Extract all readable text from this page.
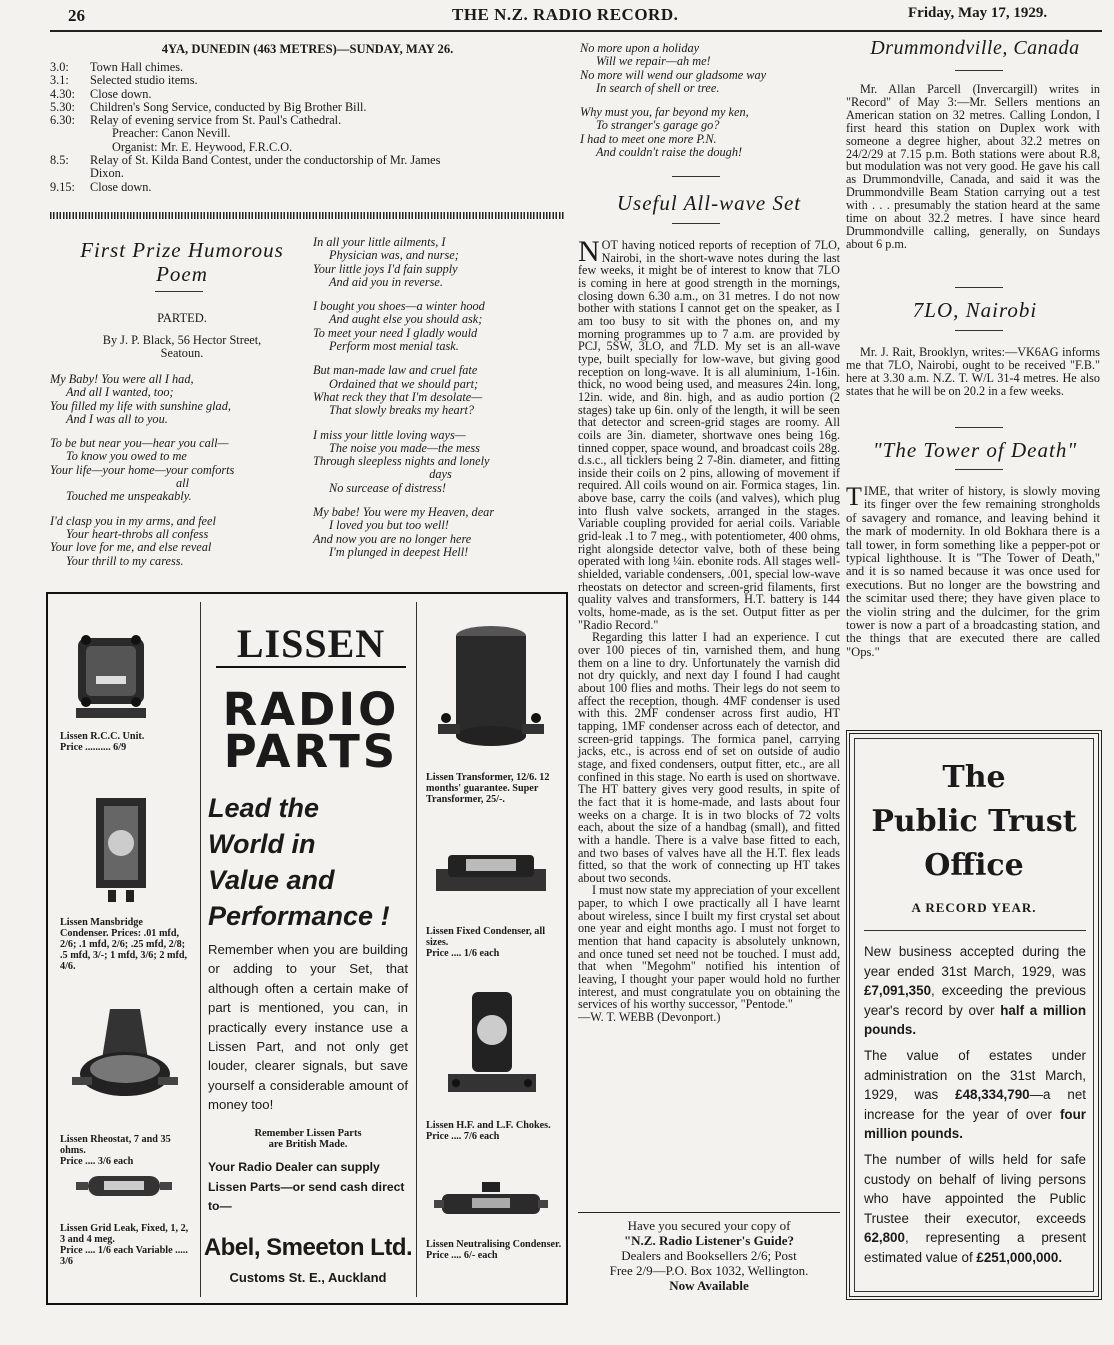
26	THE N.Z. RADIO RECORD.	Friday, May 17, 1929.
4YA, DUNEDIN (463 METRES)—SUNDAY, MAY 26.
3.0:	Town Hall chimes.
3.1:	Selected studio items.
4.30:	Close down.
5.30:	Children's Song Service, conducted by Big Brother Bill.
6.30:	Relay of evening service from St. Paul's Cathedral.
Preacher: Canon Nevill.
Organist: Mr. E. Heywood, F.R.C.O.
8.5:	Relay of St. Kilda Band Contest, under the conductorship of Mr. James
Dixon.
9.15:	Close down.
First Prize Humorous
Poem
PARTED.
By J. P. Black, 56 Hector Street,
Seatoun.

My Baby! You were all I had,
And all I wanted, too;
You filled my life with sunshine glad,
And I was all to you.

To be but near you—hear you call—
To know you owed to me
Your life—your home—your comforts
all
Touched me unspeakably.

I'd clasp you in my arms, and feel
Your heart-throbs all confess
Your love for me, and else reveal
Your thrill to my caress.

In all your little ailments, I
Physician was, and nurse;
Your little joys I'd fain supply
And aid you in reverse.

I bought you shoes—a winter hood
And aught else you should ask;
To meet your need I gladly would
Perform most menial task.

But man-made law and cruel fate
Ordained that we should part;
What reck they that I'm desolate—
That slowly breaks my heart?

I miss your little loving ways—
The noise you made—the mess
Through sleepless nights and lonely
days
No surcease of distress!

My babe! You were my Heaven, dear
I loved you but too well!
And now you are no longer here
I'm plunged in deepest Hell!

Lissen R.C.C. Unit.
Price .......... 6/9
Lissen Mansbridge Condenser. Prices: .01 mfd, 2/6; .1 mfd, 2/6; .25 mfd, 2/8; .5 mfd, 3/-; 1 mfd, 3/6; 2 mfd, 4/6.
Lissen Rheostat, 7 and 35 ohms.
Price .... 3/6 each
Lissen Grid Leak, Fixed, 1, 2, 3 and 4 meg.
Price .... 1/6 each Variable ..... 3/6
LISSEN
RADIO
PARTS
Lead the
World in
Value and
Performance !
Remember when you are building or adding to your Set, that although often a certain make of part is mentioned, you can, in practically every instance use a Lissen Part, and not only get louder, clearer signals, but save yourself a considerable amount of money too!
Remember Lissen Parts
are British Made.
Your Radio Dealer can supply Lissen Parts—or send cash direct to—
Abel, Smeeton Ltd.
Customs St. E., Auckland
Lissen Transformer, 12/6. 12 months' guarantee. Super Transformer, 25/-.
Lissen Fixed Condenser, all sizes.
Price .... 1/6 each
Lissen H.F. and L.F. Chokes.
Price .... 7/6 each
Lissen Neutralising Condenser.
Price .... 6/- each

No more upon a holiday
Will we repair—ah me!
No more will wend our gladsome way
In search of shell or tree.

Why must you, far beyond my ken,
To stranger's garage go?
I had to meet one more P.N.
And couldn't raise the dough!

Useful All-wave Set
NOT having noticed reports of reception of 7LO, Nairobi, in the short-wave notes during the last few weeks, it might be of interest to know that 7LO is coming in here at good strength in the mornings, closing down 6.30 a.m., on 31 metres. I do not now bother with stations I cannot get on the speaker, as I am too busy to sit with the phones on, and my morning programmes up to 7 a.m. are provided by PCJ, 5SW, 3LO, and 7LD. My set is an all-wave type, built specially for low-wave, but giving good reception on long-wave. It is all aluminium, 1-16in. thick, no wood being used, and measures 24in. long, 12in. wide, and 8in. high, and as audio portion (2 stages) take up 6in. only of the length, it will be seen that detector and screen-grid stages are roomy. All coils are 3in. diameter, shortwave ones being 16g. tinned copper, space wound, and broadcast coils 28g. d.s.c., all ticklers being 2 7-8in. diameter, and fitting inside their coils on 2 pins, allowing of movement if required. All coils wound on air. Formica stages, 1in. above base, carry the coils (and valves), which plug into flush valve sockets, arranged in the stages. Variable coupling provided for aerial coils. Variable grid-leak .1 to 7 meg., with potentiometer, 400 ohms, right alongside detector valve, both of these being operated with long ¼in. ebonite rods. All stages well-shielded, variable condensers, .001, special low-wave rheostats on detector and screen-grid filaments, first quality valves and transformers, H.T. battery is 144 volts, home-made, as is the set. Output fitter as per "Radio Record."
Regarding this latter I had an experience. I cut over 100 pieces of tin, varnished them, and hung them on a line to dry. Unfortunately the varnish did not dry quickly, and next day I found I had caught about 100 flies and moths. Their legs do not seem to affect the reception, though. 4MF condenser is used with this. 2MF condenser across first audio, HT tapping, 1MF condenser across each of detector, and screen-grid tappings. The formica panel, carrying jacks, etc., is across end of set on outside of audio stage, and fixed condensers, output fitter, etc., are all confined in this stage. No earth is used on shortwave. The HT battery gives very good results, in spite of the fact that it is home-made, and lasts about four weeks on a charge. It is in two blocks of 72 volts each, about the size of a handbag (small), and fitted with a handle. There is a valve base fitted to each, and two bases of valves have all the H.T. flex leads fitted, so that the work of connecting up HT takes about two seconds.
I must now state my appreciation of your excellent paper, to which I owe practically all I have learnt about wireless, since I built my first crystal set about one year and eight months ago. I must not forget to mention that hand capacity is absolutely unknown, and once tuned set need not be touched. I must add, that when "Megohm" notified his intention of leaving, I thought your paper would hold no further interest, and must congratulate you on obtaining the services of his worthy successor, "Pentode."
—W. T. WEBB (Devonport.)
Have you secured your copy of
"N.Z. Radio Listener's Guide?
Dealers and Booksellers 2/6; Post
Free 2/9—P.O. Box 1032, Wellington.
Now Available
Drummondville, Canada
Mr. Allan Parcell (Invercargill) writes in "Record" of May 3:—Mr. Sellers mentions an American station on 32 metres. Calling London, I first heard this station on Duplex work with someone a degree higher, about 32.2 metres on 24/2/29 at 7.15 p.m. Both stations were about R.8, but modulation was not very good. He gave his call as Drummondville, Canada, and said it was the Drummondville Beam Station carrying out a test with . . . presumably the station heard at the same time on about 32.2 metres. I have since heard Drummondville calling, generally, on Sundays about 6 p.m.
7LO, Nairobi
Mr. J. Rait, Brooklyn, writes:—VK6AG informs me that 7LO, Nairobi, ought to be received "F.B." here at 3.30 a.m. N.Z. T. W/L 31-4 metres. He also states that he will be on 20.2 in a few weeks.
"The Tower of Death"
TIME, that writer of history, is slowly moving its finger over the few remaining strongholds of savagery and romance, and leaving behind it the mark of modernity. In old Bokhara there is a tall tower, in form something like a pepper-pot or typical lighthouse. It is "The Tower of Death," and it is so named because it was once used for executions. But no longer are the bowstring and the scimitar used there; they have given place to the violin string and the dulcimer, for the grim tower is now a part of a broadcasting station, and the things that are executed there are called "Ops."
The
Public Trust
Office
A RECORD YEAR.

New business accepted during the year ended 31st March, 1929, was £7,091,350, exceeding the previous year's record by over half a million pounds.

The value of estates under administration on the 31st March, 1929, was £48,334,790—a net increase for the year of over four million pounds.

The number of wills held for safe custody on behalf of living persons who have appointed the Public Trustee their executor, exceeds 62,800, representing a present estimated value of £251,000,000.
